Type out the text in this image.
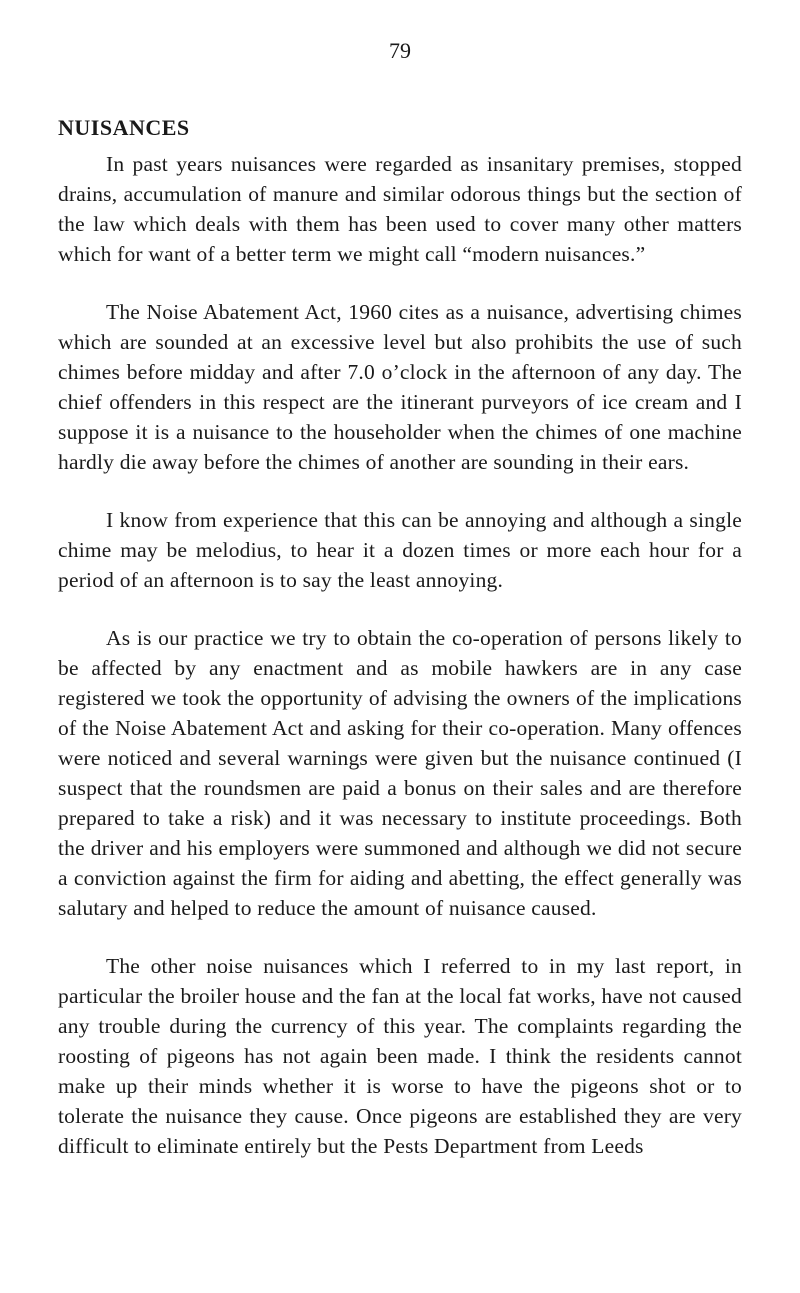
79
NUISANCES

In past years nuisances were regarded as insanitary premises, stopped drains, accumulation of manure and similar odorous things but the section of the law which deals with them has been used to cover many other matters which for want of a better term we might call “modern nuisances.”

The Noise Abatement Act, 1960 cites as a nuisance, advertising chimes which are sounded at an excessive level but also prohibits the use of such chimes before midday and after 7.0 o’clock in the afternoon of any day. The chief offenders in this respect are the itinerant purveyors of ice cream and I suppose it is a nuisance to the householder when the chimes of one machine hardly die away before the chimes of another are sounding in their ears.

I know from experience that this can be annoying and although a single chime may be melodius, to hear it a dozen times or more each hour for a period of an afternoon is to say the least annoying.

As is our practice we try to obtain the co-operation of persons likely to be affected by any enactment and as mobile hawkers are in any case registered we took the opportunity of advising the owners of the implications of the Noise Abatement Act and asking for their co-operation. Many offences were noticed and several warnings were given but the nuisance continued (I suspect that the roundsmen are paid a bonus on their sales and are therefore prepared to take a risk) and it was necessary to institute proceedings. Both the driver and his employers were summoned and although we did not secure a conviction against the firm for aiding and abetting, the effect generally was salutary and helped to reduce the amount of nuisance caused.

The other noise nuisances which I referred to in my last report, in particular the broiler house and the fan at the local fat works, have not caused any trouble during the currency of this year. The complaints regarding the roosting of pigeons has not again been made. I think the residents cannot make up their minds whether it is worse to have the pigeons shot or to tolerate the nuisance they cause. Once pigeons are established they are very difficult to eliminate entirely but the Pests Department from Leeds
